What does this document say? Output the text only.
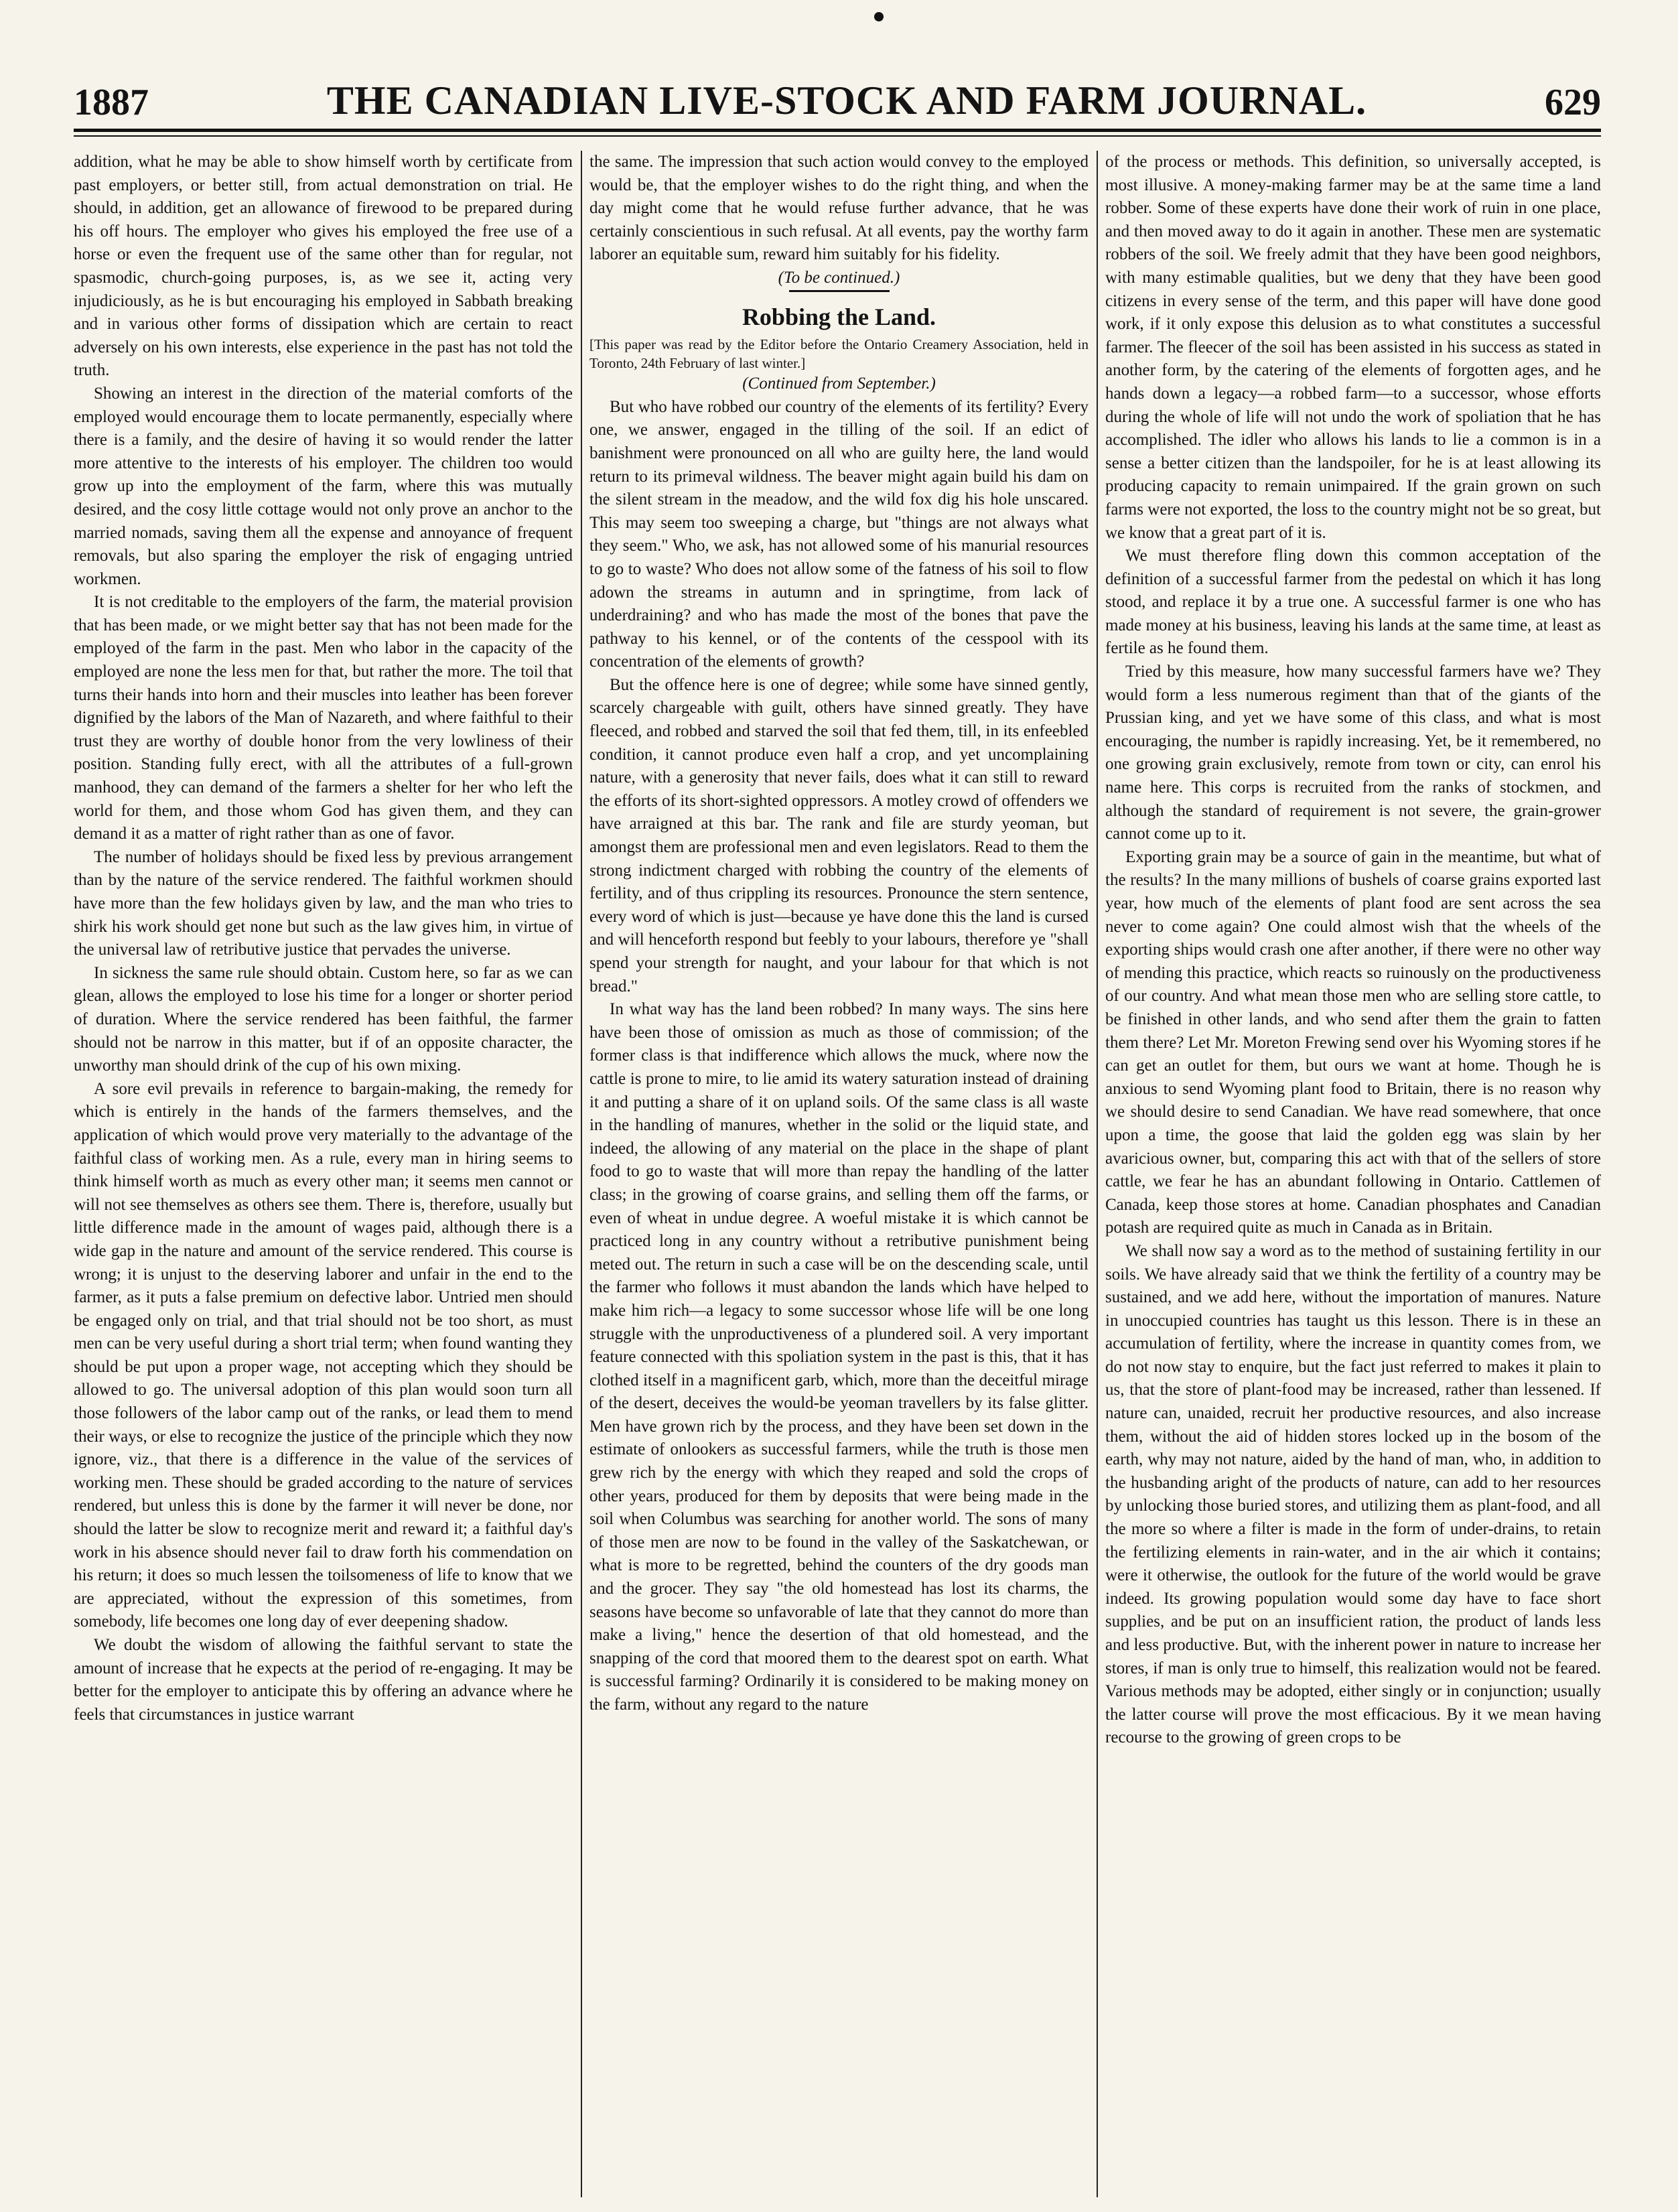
1887	THE CANADIAN LIVE-STOCK AND FARM JOURNAL.	629

addition, what he may be able to show himself worth by certificate from past employers, or better still, from actual demonstration on trial. He should, in addition, get an allowance of firewood to be prepared during his off hours. The employer who gives his employed the free use of a horse or even the frequent use of the same other than for regular, not spasmodic, church-going purposes, is, as we see it, acting very injudiciously, as he is but encouraging his employed in Sabbath breaking and in various other forms of dissipation which are certain to react adversely on his own interests, else experience in the past has not told the truth.

Showing an interest in the direction of the material comforts of the employed would encourage them to locate permanently, especially where there is a family, and the desire of having it so would render the latter more attentive to the interests of his employer. The children too would grow up into the employment of the farm, where this was mutually desired, and the cosy little cottage would not only prove an anchor to the married nomads, saving them all the expense and annoyance of frequent removals, but also sparing the employer the risk of engaging untried workmen.

It is not creditable to the employers of the farm, the material provision that has been made, or we might better say that has not been made for the employed of the farm in the past. Men who labor in the capacity of the employed are none the less men for that, but rather the more. The toil that turns their hands into horn and their muscles into leather has been forever dignified by the labors of the Man of Nazareth, and where faithful to their trust they are worthy of double honor from the very lowliness of their position. Standing fully erect, with all the attributes of a full-grown manhood, they can demand of the farmers a shelter for her who left the world for them, and those whom God has given them, and they can demand it as a matter of right rather than as one of favor.

The number of holidays should be fixed less by previous arrangement than by the nature of the service rendered. The faithful workmen should have more than the few holidays given by law, and the man who tries to shirk his work should get none but such as the law gives him, in virtue of the universal law of retributive justice that pervades the universe.

In sickness the same rule should obtain. Custom here, so far as we can glean, allows the employed to lose his time for a longer or shorter period of duration. Where the service rendered has been faithful, the farmer should not be narrow in this matter, but if of an opposite character, the unworthy man should drink of the cup of his own mixing.

A sore evil prevails in reference to bargain-making, the remedy for which is entirely in the hands of the farmers themselves, and the application of which would prove very materially to the advantage of the faithful class of working men. As a rule, every man in hiring seems to think himself worth as much as every other man; it seems men cannot or will not see themselves as others see them. There is, therefore, usually but little difference made in the amount of wages paid, although there is a wide gap in the nature and amount of the service rendered. This course is wrong; it is unjust to the deserving laborer and unfair in the end to the farmer, as it puts a false premium on defective labor. Untried men should be engaged only on trial, and that trial should not be too short, as must men can be very useful during a short trial term; when found wanting they should be put upon a proper wage, not accepting which they should be allowed to go. The universal adoption of this plan would soon turn all those followers of the labor camp out of the ranks, or lead them to mend their ways, or else to recognize the justice of the principle which they now ignore, viz., that there is a difference in the value of the services of working men. These should be graded according to the nature of services rendered, but unless this is done by the farmer it will never be done, nor should the latter be slow to recognize merit and reward it; a faithful day's work in his absence should never fail to draw forth his commendation on his return; it does so much lessen the toilsomeness of life to know that we are appreciated, without the expression of this sometimes, from somebody, life becomes one long day of ever deepening shadow.

We doubt the wisdom of allowing the faithful servant to state the amount of increase that he expects at the period of re-engaging. It may be better for the employer to anticipate this by offering an advance where he feels that circumstances in justice warrant

the same. The impression that such action would convey to the employed would be, that the employer wishes to do the right thing, and when the day might come that he would refuse further advance, that he was certainly conscientious in such refusal. At all events, pay the worthy farm laborer an equitable sum, reward him suitably for his fidelity.

(To be continued.)

Robbing the Land.

[This paper was read by the Editor before the Ontario Creamery Association, held in Toronto, 24th February of last winter.]

(Continued from September.)

But who have robbed our country of the elements of its fertility? Every one, we answer, engaged in the tilling of the soil. If an edict of banishment were pronounced on all who are guilty here, the land would return to its primeval wildness. The beaver might again build his dam on the silent stream in the meadow, and the wild fox dig his hole unscared. This may seem too sweeping a charge, but "things are not always what they seem." Who, we ask, has not allowed some of his manurial resources to go to waste? Who does not allow some of the fatness of his soil to flow adown the streams in autumn and in springtime, from lack of underdraining? and who has made the most of the bones that pave the pathway to his kennel, or of the contents of the cesspool with its concentration of the elements of growth?

But the offence here is one of degree; while some have sinned gently, scarcely chargeable with guilt, others have sinned greatly. They have fleeced, and robbed and starved the soil that fed them, till, in its enfeebled condition, it cannot produce even half a crop, and yet uncomplaining nature, with a generosity that never fails, does what it can still to reward the efforts of its short-sighted oppressors. A motley crowd of offenders we have arraigned at this bar. The rank and file are sturdy yeoman, but amongst them are professional men and even legislators. Read to them the strong indictment charged with robbing the country of the elements of fertility, and of thus crippling its resources. Pronounce the stern sentence, every word of which is just—because ye have done this the land is cursed and will henceforth respond but feebly to your labours, therefore ye "shall spend your strength for naught, and your labour for that which is not bread."

In what way has the land been robbed? In many ways. The sins here have been those of omission as much as those of commission; of the former class is that indifference which allows the muck, where now the cattle is prone to mire, to lie amid its watery saturation instead of draining it and putting a share of it on upland soils. Of the same class is all waste in the handling of manures, whether in the solid or the liquid state, and indeed, the allowing of any material on the place in the shape of plant food to go to waste that will more than repay the handling of the latter class; in the growing of coarse grains, and selling them off the farms, or even of wheat in undue degree. A woeful mistake it is which cannot be practiced long in any country without a retributive punishment being meted out. The return in such a case will be on the descending scale, until the farmer who follows it must abandon the lands which have helped to make him rich—a legacy to some successor whose life will be one long struggle with the unproductiveness of a plundered soil. A very important feature connected with this spoliation system in the past is this, that it has clothed itself in a magnificent garb, which, more than the deceitful mirage of the desert, deceives the would-be yeoman travellers by its false glitter. Men have grown rich by the process, and they have been set down in the estimate of onlookers as successful farmers, while the truth is those men grew rich by the energy with which they reaped and sold the crops of other years, produced for them by deposits that were being made in the soil when Columbus was searching for another world. The sons of many of those men are now to be found in the valley of the Saskatchewan, or what is more to be regretted, behind the counters of the dry goods man and the grocer. They say "the old homestead has lost its charms, the seasons have become so unfavorable of late that they cannot do more than make a living," hence the desertion of that old homestead, and the snapping of the cord that moored them to the dearest spot on earth. What is successful farming? Ordinarily it is considered to be making money on the farm, without any regard to the nature

of the process or methods. This definition, so universally accepted, is most illusive. A money-making farmer may be at the same time a land robber. Some of these experts have done their work of ruin in one place, and then moved away to do it again in another. These men are systematic robbers of the soil. We freely admit that they have been good neighbors, with many estimable qualities, but we deny that they have been good citizens in every sense of the term, and this paper will have done good work, if it only expose this delusion as to what constitutes a successful farmer. The fleecer of the soil has been assisted in his success as stated in another form, by the catering of the elements of forgotten ages, and he hands down a legacy—a robbed farm—to a successor, whose efforts during the whole of life will not undo the work of spoliation that he has accomplished. The idler who allows his lands to lie a common is in a sense a better citizen than the landspoiler, for he is at least allowing its producing capacity to remain unimpaired. If the grain grown on such farms were not exported, the loss to the country might not be so great, but we know that a great part of it is.

We must therefore fling down this common acceptation of the definition of a successful farmer from the pedestal on which it has long stood, and replace it by a true one. A successful farmer is one who has made money at his business, leaving his lands at the same time, at least as fertile as he found them.

Tried by this measure, how many successful farmers have we? They would form a less numerous regiment than that of the giants of the Prussian king, and yet we have some of this class, and what is most encouraging, the number is rapidly increasing. Yet, be it remembered, no one growing grain exclusively, remote from town or city, can enrol his name here. This corps is recruited from the ranks of stockmen, and although the standard of requirement is not severe, the grain-grower cannot come up to it.

Exporting grain may be a source of gain in the meantime, but what of the results? In the many millions of bushels of coarse grains exported last year, how much of the elements of plant food are sent across the sea never to come again? One could almost wish that the wheels of the exporting ships would crash one after another, if there were no other way of mending this practice, which reacts so ruinously on the productiveness of our country. And what mean those men who are selling store cattle, to be finished in other lands, and who send after them the grain to fatten them there? Let Mr. Moreton Frewing send over his Wyoming stores if he can get an outlet for them, but ours we want at home. Though he is anxious to send Wyoming plant food to Britain, there is no reason why we should desire to send Canadian. We have read somewhere, that once upon a time, the goose that laid the golden egg was slain by her avaricious owner, but, comparing this act with that of the sellers of store cattle, we fear he has an abundant following in Ontario. Cattlemen of Canada, keep those stores at home. Canadian phosphates and Canadian potash are required quite as much in Canada as in Britain.

We shall now say a word as to the method of sustaining fertility in our soils. We have already said that we think the fertility of a country may be sustained, and we add here, without the importation of manures. Nature in unoccupied countries has taught us this lesson. There is in these an accumulation of fertility, where the increase in quantity comes from, we do not now stay to enquire, but the fact just referred to makes it plain to us, that the store of plant-food may be increased, rather than lessened. If nature can, unaided, recruit her productive resources, and also increase them, without the aid of hidden stores locked up in the bosom of the earth, why may not nature, aided by the hand of man, who, in addition to the husbanding aright of the products of nature, can add to her resources by unlocking those buried stores, and utilizing them as plant-food, and all the more so where a filter is made in the form of under-drains, to retain the fertilizing elements in rain-water, and in the air which it contains; were it otherwise, the outlook for the future of the world would be grave indeed. Its growing population would some day have to face short supplies, and be put on an insufficient ration, the product of lands less and less productive. But, with the inherent power in nature to increase her stores, if man is only true to himself, this realization would not be feared. Various methods may be adopted, either singly or in conjunction; usually the latter course will prove the most efficacious. By it we mean having recourse to the growing of green crops to be
